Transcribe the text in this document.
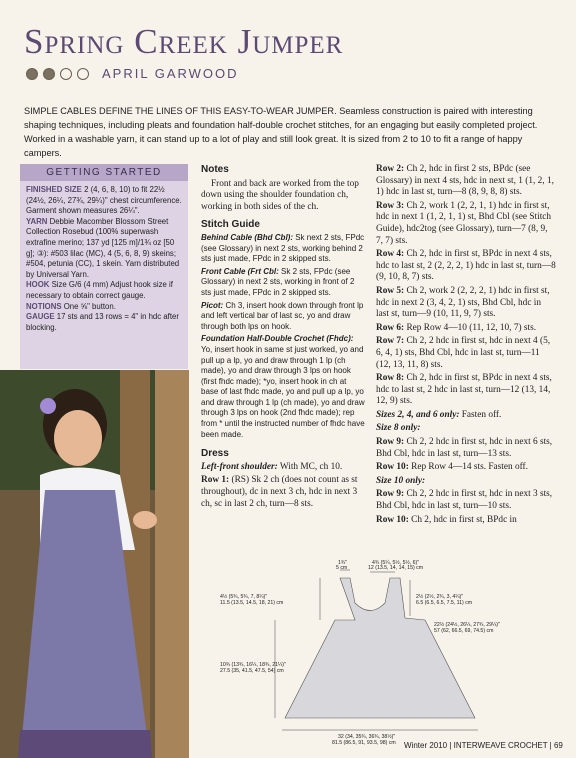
Spring Creek Jumper
APRIL GARWOOD
SIMPLE CABLES DEFINE THE LINES OF THIS EASY-TO-WEAR JUMPER. Seamless construction is paired with interesting shaping techniques, including pleats and foundation half-double crochet stitches, for an engaging but easily completed project. Worked in a washable yarn, it can stand up to a lot of play and still look great. It is sized from 2 to 10 to fit a range of happy campers.
GETTING STARTED
FINISHED SIZE 2 (4, 6, 8, 10) to fit 22½ (24½, 26¼, 27¾, 29¼)" chest circumference. Garment shown measures 26¼".
YARN Debbie Macomber Blossom Street Collection Rosebud (100% superwash extrafine merino; 137 yd [125 m]/1¾ oz [50 g]; ③): #503 lilac (MC), 4 (5, 6, 8, 9) skeins; #504, petunia (CC), 1 skein. Yarn distributed by Universal Yarn.
HOOK Size G/6 (4 mm) Adjust hook size if necessary to obtain correct gauge.
NOTIONS One ⅝" button.
GAUGE 17 sts and 13 rows = 4" in hdc after blocking.
Notes

Front and back are worked from the top down using the shoulder foundation ch, working in both sides of the ch.

Stitch Guide

Behind Cable (Bhd Cbl): Sk next 2 sts, FPdc (see Glossary) in next 2 sts, working behind 2 sts just made, FPdc in 2 skipped sts.

Front Cable (Frt Cbl: Sk 2 sts, FPdc (see Glossary) in next 2 sts, working in front of 2 sts just made, FPdc in 2 skipped sts.

Picot: Ch 3, insert hook down through front lp and left vertical bar of last sc, yo and draw through both lps on hook.

Foundation Half-Double Crochet (Fhdc): Yo, insert hook in same st just worked, yo and pull up a lp, yo and draw through 1 lp (ch made), yo and draw through 3 lps on hook (first fhdc made); *yo, insert hook in ch at base of last fhdc made, yo and pull up a lp, yo and draw through 1 lp (ch made), yo and draw through 3 lps on hook (2nd fhdc made); rep from * until the instructed number of fhdc have been made.

Dress

Left-front shoulder: With MC, ch 10.

Row 1: (RS) Sk 2 ch (does not count as st throughout), dc in next 3 ch, hdc in next 3 ch, sc in last 2 ch, turn—8 sts.

Row 2: Ch 2, hdc in first 2 sts, BPdc (see Glossary) in next 4 sts, hdc in next st, 1 (1, 2, 1, 1) hdc in last st, turn—8 (8, 9, 8, 8) sts.

Row 3: Ch 2, work 1 (2, 2, 1, 1) hdc in first st, hdc in next 1 (1, 2, 1, 1) st, Bhd Cbl (see Stitch Guide), hdc2tog (see Glossary), turn—7 (8, 9, 7, 7) sts.

Row 4: Ch 2, hdc in first st, BPdc in next 4 sts, hdc to last st, 2 (2, 2, 2, 1) hdc in last st, turn—8 (9, 10, 8, 7) sts.

Row 5: Ch 2, work 2 (2, 2, 2, 1) hdc in first st, hdc in next 2 (3, 4, 2, 1) sts, Bhd Cbl, hdc in last st, turn—9 (10, 11, 9, 7) sts.

Row 6: Rep Row 4—10 (11, 12, 10, 7) sts.

Row 7: Ch 2, 2 hdc in first st, hdc in next 4 (5, 6, 4, 1) sts, Bhd Cbl, hdc in last st, turn—11 (12, 13, 11, 8) sts.

Row 8: Ch 2, hdc in first st, BPdc in next 4 sts, hdc to last st, 2 hdc in last st, turn—12 (13, 14, 12, 9) sts.

Sizes 2, 4, and 6 only: Fasten off.

Size 8 only:

Row 9: Ch 2, 2 hdc in first st, hdc in next 6 sts, Bhd Cbl, hdc in last st, turn—13 sts.

Row 10: Rep Row 4—14 sts. Fasten off.

Size 10 only:

Row 9: Ch 2, 2 hdc in first st, hdc in next 3 sts, Bhd Cbl, hdc in last st, turn—10 sts.

Row 10: Ch 2, hdc in first st, BPdc in

1¾"
5 cm
4¾ (5¼, 5½, 5½, 6)"
12 (13.5, 14, 14, 15) cm
2½ (2½, 2¾, 3, 4¼)"
6.5 (6.5, 6.5, 7.5, 11) cm
4½ (5¾, 5¾, 7, 8¼)"
11.5 (13.5, 14.5, 18, 21) cm
22½ (24½, 26¼, 27¾, 29¼)"
57 (62, 66.5, 69, 74.5) cm
10¾ (13¾, 16¼, 18¾, 21¼)"
27.5 (35, 41.5, 47.5, 54) cm
32 (34, 35¾, 36¾, 38½)"
81.5 (86.5, 91, 93.5, 98) cm Winter 2010 | INTERWEAVE CROCHET | 69
